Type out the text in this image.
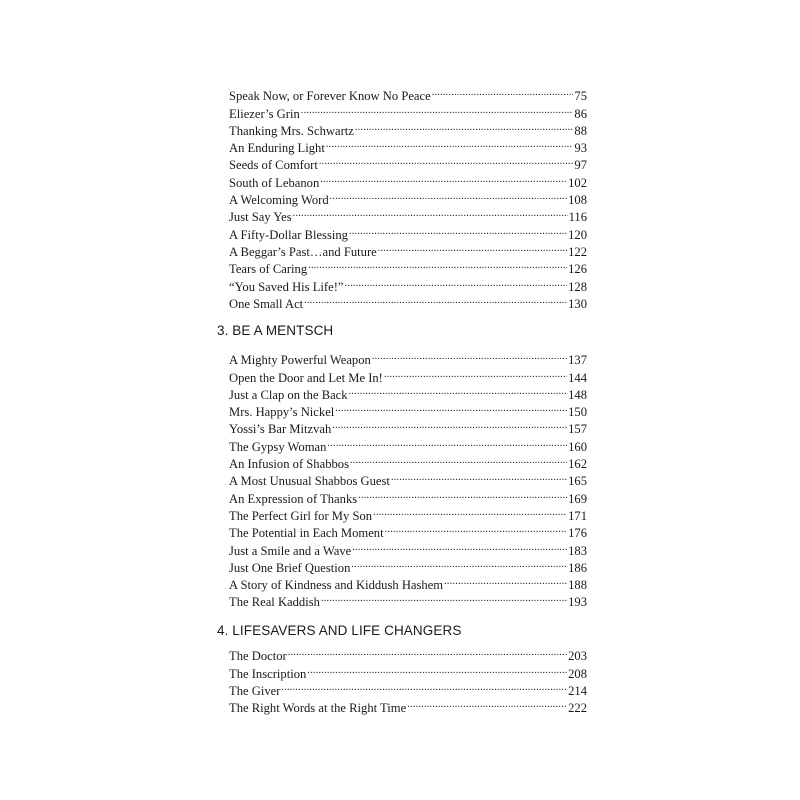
Speak Now, or Forever Know No Peace .....	75
Eliezer’s Grin .....	86
Thanking Mrs. Schwartz .....	88
An Enduring Light .....	93
Seeds of Comfort .....	97
South of Lebanon .....	102
A Welcoming Word .....	108
Just Say Yes .....	116
A Fifty-Dollar Blessing .....	120
A Beggar’s Past…and Future .....	122
Tears of Caring .....	126
“You Saved His Life!” .....	128
One Small Act .....	130
3. BE A MENTSCH
A Mighty Powerful Weapon .....	137
Open the Door and Let Me In! .....	144
Just a Clap on the Back .....	148
Mrs. Happy’s Nickel .....	150
Yossi’s Bar Mitzvah .....	157
The Gypsy Woman .....	160
An Infusion of Shabbos .....	162
A Most Unusual Shabbos Guest .....	165
An Expression of Thanks .....	169
The Perfect Girl for My Son .....	171
The Potential in Each Moment .....	176
Just a Smile and a Wave .....	183
Just One Brief Question .....	186
A Story of Kindness and Kiddush Hashem .....	188
The Real Kaddish .....	193
4. LIFESAVERS AND LIFE CHANGERS
The Doctor .....	203
The Inscription .....	208
The Giver .....	214
The Right Words at the Right Time .....	222
